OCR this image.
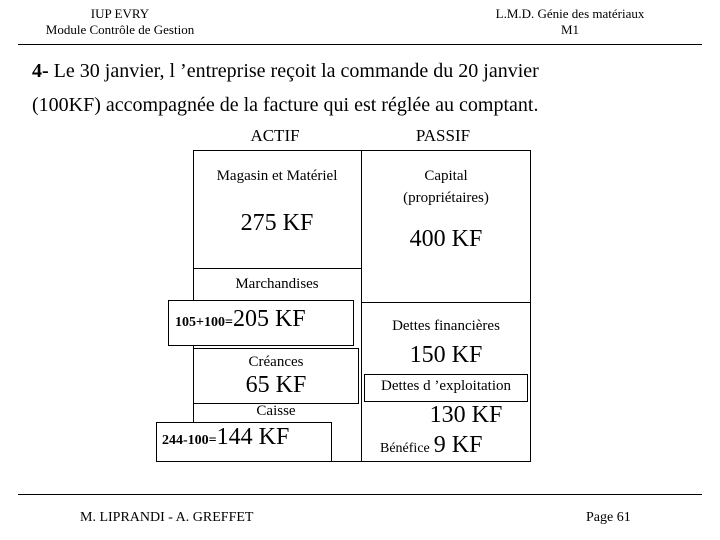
IUP EVRY
Module Contrôle de Gestion
L.M.D. Génie des matériaux
M1
4- Le 30 janvier, l ’entreprise reçoit la commande du 20 janvier
(100KF) accompagnée de la facture qui est réglée au comptant.
ACTIF	PASSIF
Magasin et Matériel
275 KF
Capital
(propriétaires)
400 KF
Marchandises
105+100=205 KF
Créances
65 KF
Caisse
244-100=144 KF
Dettes financières
150 KF
Dettes d ’exploitation
130 KF
Bénéfice 9 KF
M. LIPRANDI - A. GREFFET	Page 61
